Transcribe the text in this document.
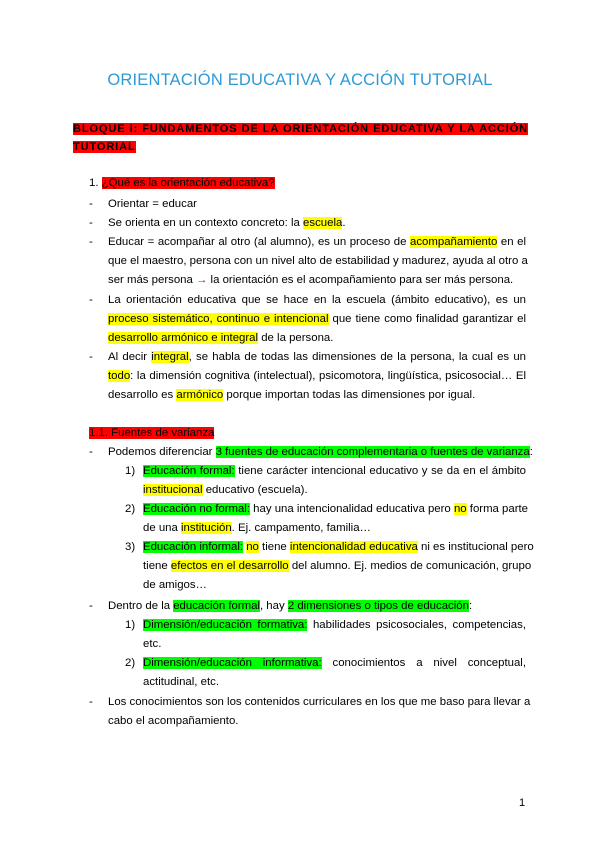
ORIENTACIÓN EDUCATIVA Y ACCIÓN TUTORIAL
BLOQUE I: FUNDAMENTOS DE LA ORIENTACIÓN EDUCATIVA Y LA ACCIÓN TUTORIAL
1. ¿Qué es la orientación educativa?
- Orientar = educar
- Se orienta en un contexto concreto: la escuela.
- Educar = acompañar al otro (al alumno), es un proceso de acompañamiento en el
que el maestro, persona con un nivel alto de estabilidad y madurez, ayuda al otro a
ser más persona → la orientación es el acompañamiento para ser más persona.
- La orientación educativa que se hace en la escuela (ámbito educativo), es un
proceso sistemático, continuo e intencional que tiene como finalidad garantizar el
desarrollo armónico e integral de la persona.
- Al decir integral, se habla de todas las dimensiones de la persona, la cual es un
todo: la dimensión cognitiva (intelectual), psicomotora, lingüística, psicosocial… El
desarrollo es armónico porque importan todas las dimensiones por igual.
1.1. Fuentes de varianza
- Podemos diferenciar 3 fuentes de educación complementaria o fuentes de varianza:
1) Educación formal: tiene carácter intencional educativo y se da en el ámbito
institucional educativo (escuela).
2) Educación no formal: hay una intencionalidad educativa pero no forma parte
de una institución. Ej. campamento, familia…
3) Educación informal: no tiene intencionalidad educativa ni es institucional pero
tiene efectos en el desarrollo del alumno. Ej. medios de comunicación, grupo
de amigos…
- Dentro de la educación formal, hay 2 dimensiones o tipos de educación:
1) Dimensión/educación formativa: habilidades psicosociales, competencias,
etc.
2) Dimensión/educación informativa: conocimientos a nivel conceptual,
actitudinal, etc.
- Los conocimientos son los contenidos curriculares en los que me baso para llevar a
cabo el acompañamiento.
1
